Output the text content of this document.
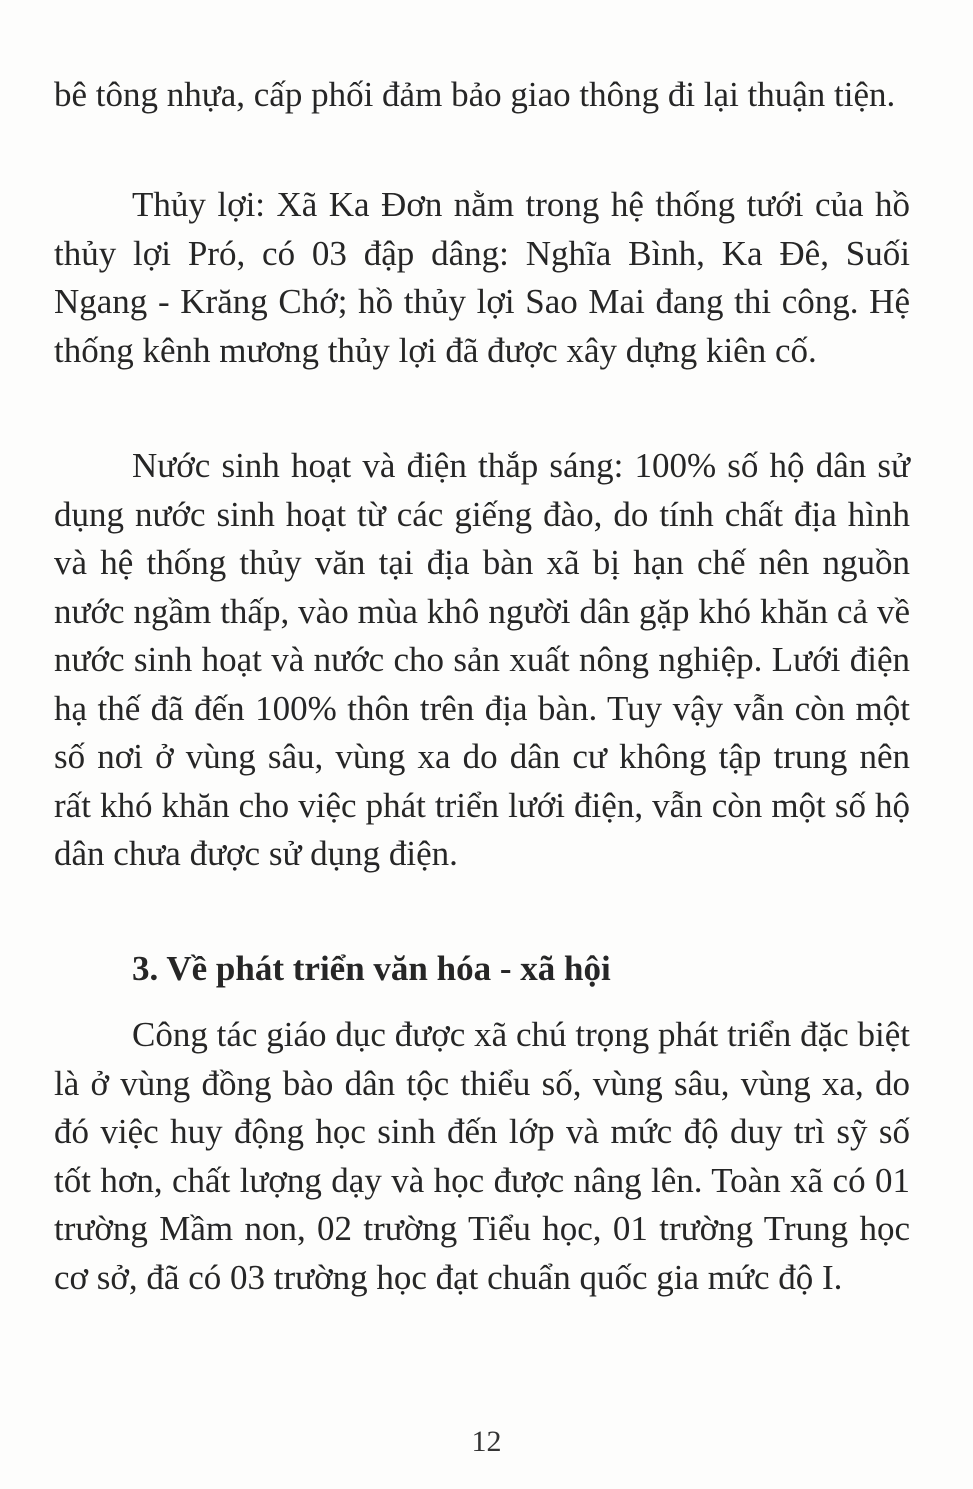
bê tông nhựa, cấp phối đảm bảo giao thông đi lại thuận tiện.

Thủy lợi: Xã Ka Đơn nằm trong hệ thống tưới của hồ thủy lợi Pró, có 03 đập dâng: Nghĩa Bình, Ka Đê, Suối Ngang - Krăng Chớ; hồ thủy lợi Sao Mai đang thi công. Hệ thống kênh mương thủy lợi đã được xây dựng kiên cố.

Nước sinh hoạt và điện thắp sáng: 100% số hộ dân sử dụng nước sinh hoạt từ các giếng đào, do tính chất địa hình và hệ thống thủy văn tại địa bàn xã bị hạn chế nên nguồn nước ngầm thấp, vào mùa khô người dân gặp khó khăn cả về nước sinh hoạt và nước cho sản xuất nông nghiệp. Lưới điện hạ thế đã đến 100% thôn trên địa bàn. Tuy vậy vẫn còn một số nơi ở vùng sâu, vùng xa do dân cư không tập trung nên rất khó khăn cho việc phát triển lưới điện, vẫn còn một số hộ dân chưa được sử dụng điện.

3. Về phát triển văn hóa - xã hội

Công tác giáo dục được xã chú trọng phát triển đặc biệt là ở vùng đồng bào dân tộc thiểu số, vùng sâu, vùng xa, do đó việc huy động học sinh đến lớp và mức độ duy trì sỹ số tốt hơn, chất lượng dạy và học được nâng lên. Toàn xã có 01 trường Mầm non, 02 trường Tiểu học, 01 trường Trung học cơ sở, đã có 03 trường học đạt chuẩn quốc gia mức độ I.

12
